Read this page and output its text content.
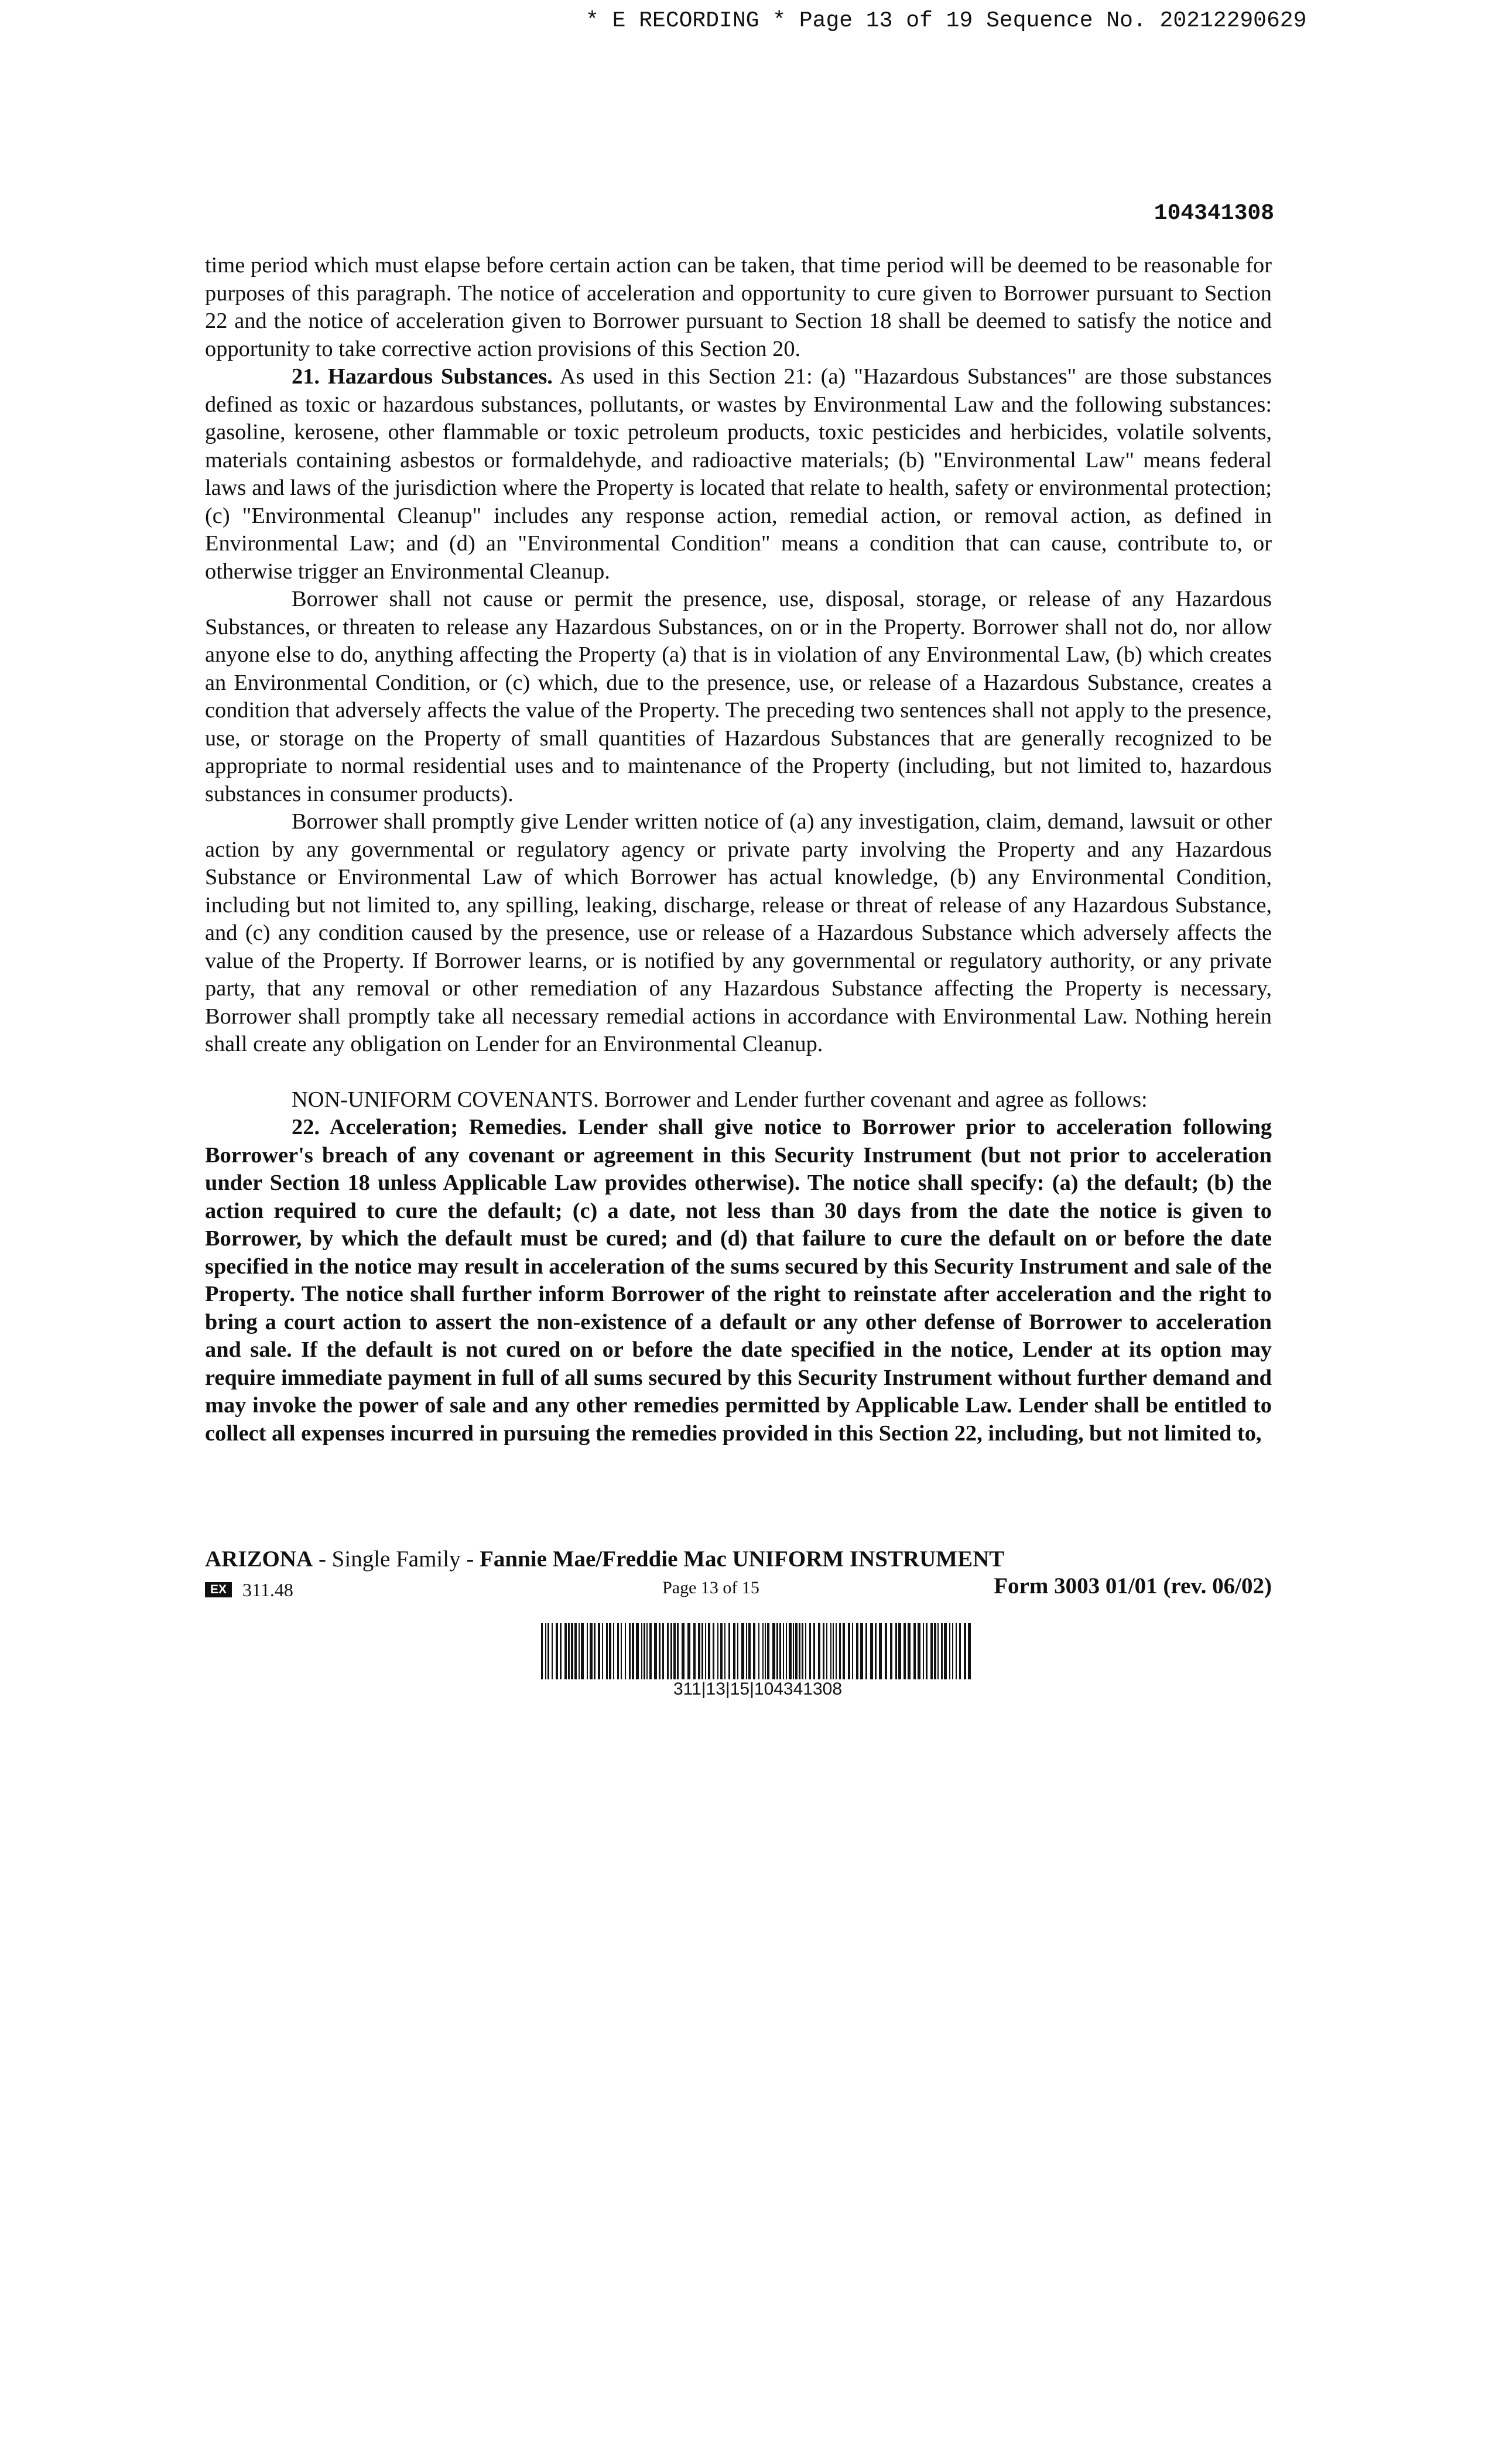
* E RECORDING * Page 13 of 19 Sequence No. 20212290629
104341308

time period which must elapse before certain action can be taken, that time period will be deemed to be reasonable for purposes of this paragraph. The notice of acceleration and opportunity to cure given to Borrower pursuant to Section 22 and the notice of acceleration given to Borrower pursuant to Section 18 shall be deemed to satisfy the notice and opportunity to take corrective action provisions of this Section 20.

21. Hazardous Substances. As used in this Section 21: (a) "Hazardous Substances" are those substances defined as toxic or hazardous substances, pollutants, or wastes by Environmental Law and the following substances: gasoline, kerosene, other flammable or toxic petroleum products, toxic pesticides and herbicides, volatile solvents, materials containing asbestos or formaldehyde, and radioactive materials; (b) "Environmental Law" means federal laws and laws of the jurisdiction where the Property is located that relate to health, safety or environmental protection; (c) "Environmental Cleanup" includes any response action, remedial action, or removal action, as defined in Environmental Law; and (d) an "Environmental Condition" means a condition that can cause, contribute to, or otherwise trigger an Environmental Cleanup.

Borrower shall not cause or permit the presence, use, disposal, storage, or release of any Hazardous Substances, or threaten to release any Hazardous Substances, on or in the Property. Borrower shall not do, nor allow anyone else to do, anything affecting the Property (a) that is in violation of any Environmental Law, (b) which creates an Environmental Condition, or (c) which, due to the presence, use, or release of a Hazardous Substance, creates a condition that adversely affects the value of the Property. The preceding two sentences shall not apply to the presence, use, or storage on the Property of small quantities of Hazardous Substances that are generally recognized to be appropriate to normal residential uses and to maintenance of the Property (including, but not limited to, hazardous substances in consumer products).

Borrower shall promptly give Lender written notice of (a) any investigation, claim, demand, lawsuit or other action by any governmental or regulatory agency or private party involving the Property and any Hazardous Substance or Environmental Law of which Borrower has actual knowledge, (b) any Environmental Condition, including but not limited to, any spilling, leaking, discharge, release or threat of release of any Hazardous Substance, and (c) any condition caused by the presence, use or release of a Hazardous Substance which adversely affects the value of the Property. If Borrower learns, or is notified by any governmental or regulatory authority, or any private party, that any removal or other remediation of any Hazardous Substance affecting the Property is necessary, Borrower shall promptly take all necessary remedial actions in accordance with Environmental Law. Nothing herein shall create any obligation on Lender for an Environmental Cleanup.

NON-UNIFORM COVENANTS. Borrower and Lender further covenant and agree as follows:

22. Acceleration; Remedies. Lender shall give notice to Borrower prior to acceleration following Borrower's breach of any covenant or agreement in this Security Instrument (but not prior to acceleration under Section 18 unless Applicable Law provides otherwise). The notice shall specify: (a) the default; (b) the action required to cure the default; (c) a date, not less than 30 days from the date the notice is given to Borrower, by which the default must be cured; and (d) that failure to cure the default on or before the date specified in the notice may result in acceleration of the sums secured by this Security Instrument and sale of the Property. The notice shall further inform Borrower of the right to reinstate after acceleration and the right to bring a court action to assert the non-existence of a default or any other defense of Borrower to acceleration and sale. If the default is not cured on or before the date specified in the notice, Lender at its option may require immediate payment in full of all sums secured by this Security Instrument without further demand and may invoke the power of sale and any other remedies permitted by Applicable Law. Lender shall be entitled to collect all expenses incurred in pursuing the remedies provided in this Section 22, including, but not limited to,

ARIZONA - Single Family - Fannie Mae/Freddie Mac UNIFORM INSTRUMENT
EX 311.48	Page 13 of 15	Form 3003 01/01 (rev. 06/02)
311|13|15|104341308
